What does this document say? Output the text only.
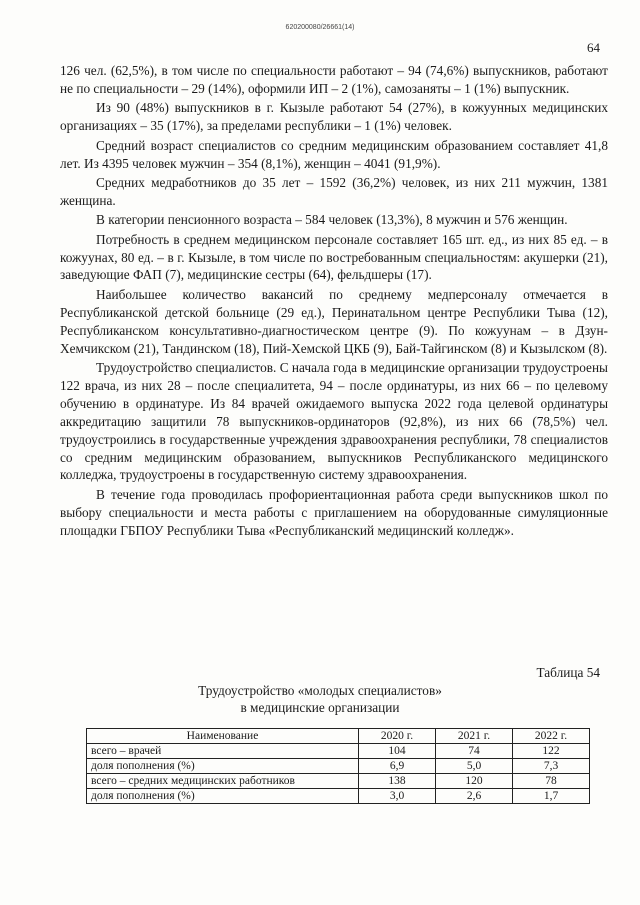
620200080/26661(14)
64

126 чел. (62,5%), в том числе по специальности работают – 94 (74,6%) выпускников, работают не по специальности – 29 (14%), оформили ИП – 2 (1%), самозаняты – 1 (1%) выпускник.

Из 90 (48%) выпускников в г. Кызыле работают 54 (27%), в кожуунных медицинских организациях – 35 (17%), за пределами республики – 1 (1%) человек.

Средний возраст специалистов со средним медицинским образованием составляет 41,8 лет. Из 4395 человек мужчин – 354 (8,1%), женщин – 4041 (91,9%).

Средних медработников до 35 лет – 1592 (36,2%) человек, из них 211 мужчин, 1381 женщина.

В категории пенсионного возраста – 584 человек (13,3%), 8 мужчин и 576 женщин.

Потребность в среднем медицинском персонале составляет 165 шт. ед., из них 85 ед. – в кожуунах, 80 ед. – в г. Кызыле, в том числе по востребованным специальностям: акушерки (21), заведующие ФАП (7), медицинские сестры (64), фельдшеры (17).

Наибольшее количество вакансий по среднему медперсоналу отмечается в Республиканской детской больнице (29 ед.), Перинатальном центре Республики Тыва (12), Республиканском консультативно-диагностическом центре (9). По кожуунам – в Дзун-Хемчикском (21), Тандинском (18), Пий-Хемской ЦКБ (9), Бай-Тайгинском (8) и Кызылском (8).

Трудоустройство специалистов. С начала года в медицинские организации трудоустроены 122 врача, из них 28 – после специалитета, 94 – после ординатуры, из них 66 – по целевому обучению в ординатуре. Из 84 врачей ожидаемого выпуска 2022 года целевой ординатуры аккредитацию защитили 78 выпускников-ординаторов (92,8%), из них 66 (78,5%) чел. трудоустроились в государственные учреждения здравоохранения республики, 78 специалистов со средним медицинским образованием, выпускников Республиканского медицинского колледжа, трудоустроены в государственную систему здравоохранения.

В течение года проводилась профориентационная работа среди выпускников школ по выбору специальности и места работы с приглашением на оборудованные симуляционные площадки ГБПОУ Республики Тыва «Республиканский медицинский колледж».

Таблица 54
Трудоустройство «молодых специалистов»
в медицинские организации
Наименование	2020 г.	2021 г.	2022 г.
всего – врачей	104	74	122
доля пополнения (%)	6,9	5,0	7,3
всего – средних медицинских работников	138	120	78
доля пополнения (%)	3,0	2,6	1,7
